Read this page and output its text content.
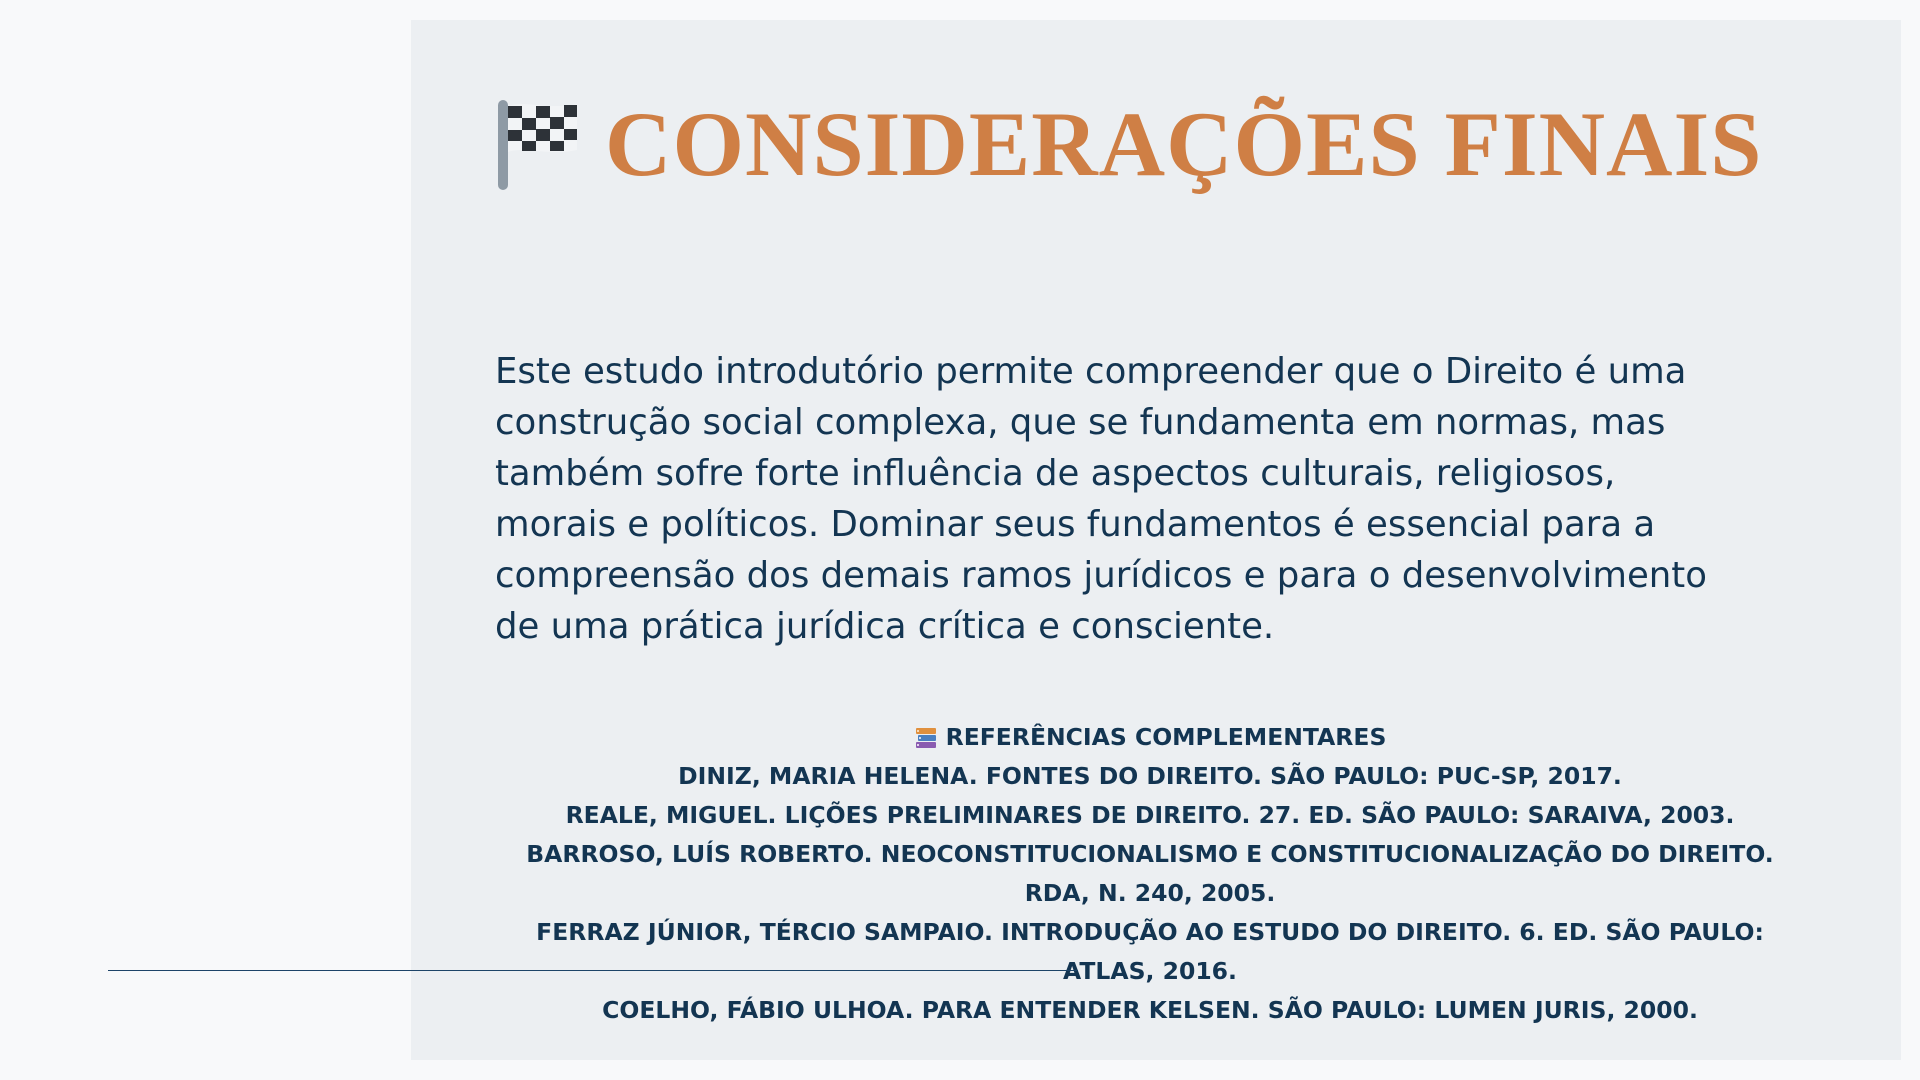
CONSIDERAÇÕES FINAIS

Este estudo introdutório permite compreender que o Direito é uma construção social complexa, que se fundamenta em normas, mas também sofre forte influência de aspectos culturais, religiosos, morais e políticos. Dominar seus fundamentos é essencial para a compreensão dos demais ramos jurídicos e para o desenvolvimento de uma prática jurídica crítica e consciente.

REFERÊNCIAS COMPLEMENTARES
DINIZ, MARIA HELENA. FONTES DO DIREITO. SÃO PAULO: PUC-SP, 2017.
REALE, MIGUEL. LIÇÕES PRELIMINARES DE DIREITO. 27. ED. SÃO PAULO: SARAIVA, 2003.
BARROSO, LUÍS ROBERTO. NEOCONSTITUCIONALISMO E CONSTITUCIONALIZAÇÃO DO DIREITO. RDA, N. 240, 2005.
FERRAZ JÚNIOR, TÉRCIO SAMPAIO. INTRODUÇÃO AO ESTUDO DO DIREITO. 6. ED. SÃO PAULO: ATLAS, 2016.
COELHO, FÁBIO ULHOA. PARA ENTENDER KELSEN. SÃO PAULO: LUMEN JURIS, 2000.
